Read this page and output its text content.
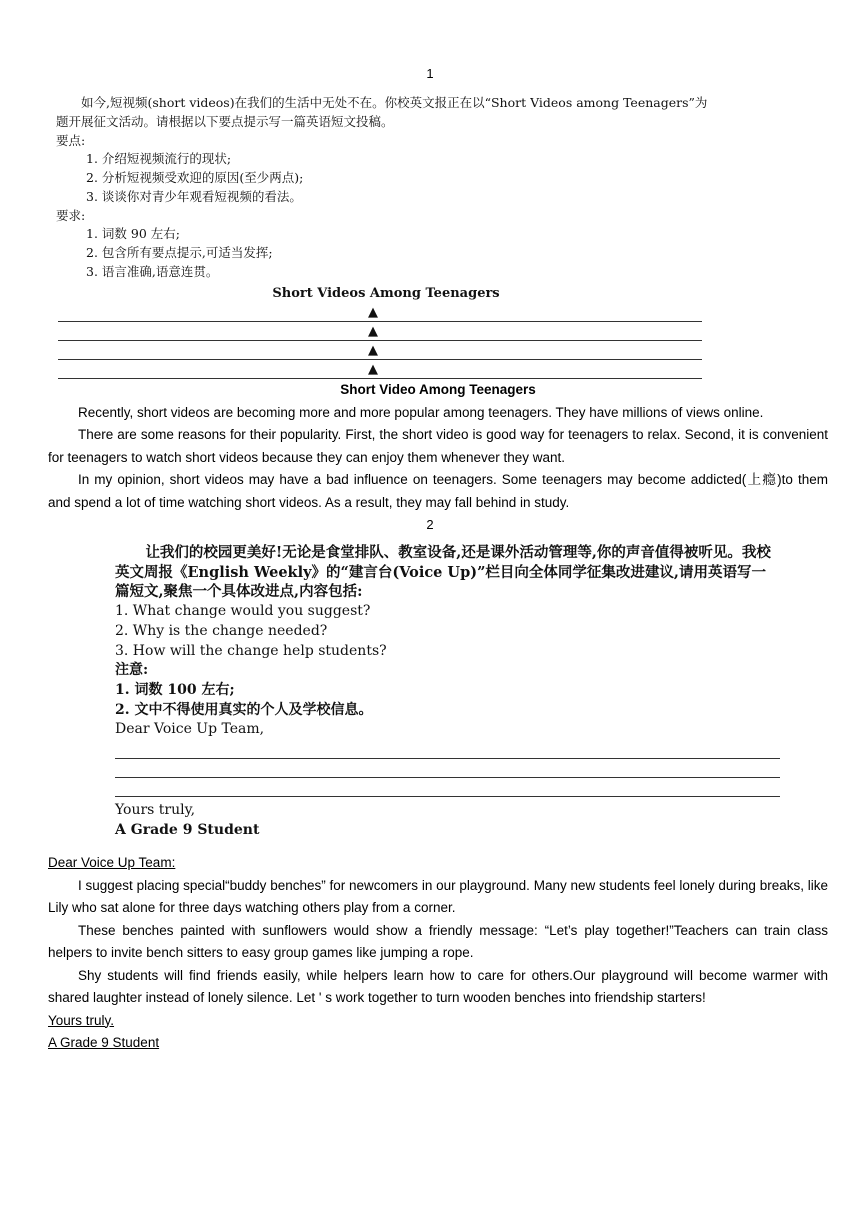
1

如今,短视频(short videos)在我们的生活中无处不在。你校英文报正在以“Short Videos among Teenagers”为题开展征文活动。请根据以下要点提示写一篇英语短文投稿。

要点:

1. 介绍短视频流行的现状;

2. 分析短视频受欢迎的原因(至少两点);

3. 谈谈你对青少年观看短视频的看法。

要求:

1. 词数 90 左右;

2. 包含所有要点提示,可适当发挥;

3. 语言准确,语意连贯。

Short Videos Among Teenagers

▲
▲
▲
▲

Short Video Among Teenagers

Recently, short videos are becoming more and more popular among teenagers. They have millions of views online.

There are some reasons for their popularity. First, the short video is good way for teenagers to relax. Second, it is convenient for teenagers to watch short videos because they can enjoy them whenever they want.

In my opinion, short videos may have a bad influence on teenagers. Some teenagers may become addicted(上瘾)to them and spend a lot of time watching short videos. As a result, they may fall behind in study.

2

让我们的校园更美好!无论是食堂排队、教室设备,还是课外活动管理等,你的声音值得被听见。我校英文周报《English Weekly》的“建言台(Voice Up)”栏目向全体同学征集改进建议,请用英语写一篇短文,聚焦一个具体改进点,内容包括:

1. What change would you suggest?

2. Why is the change needed?

3. How will the change help students?

注意:

1. 词数 100 左右;

2. 文中不得使用真实的个人及学校信息。

Dear Voice Up Team,

Yours truly,

A Grade 9 Student

Dear Voice Up Team:

I suggest placing special“buddy benches” for newcomers in our playground. Many new students feel lonely during breaks, like Lily who sat alone for three days watching others play from a corner.

These benches painted with sunflowers would show a friendly message: “Let’s play together!”Teachers can train class helpers to invite bench sitters to easy group games like jumping a rope.

Shy students will find friends easily, while helpers learn how to care for others.Our playground will become warmer with shared laughter instead of lonely silence. Let ' s work together to turn wooden benches into friendship starters!

Yours truly.

A Grade 9 Student
